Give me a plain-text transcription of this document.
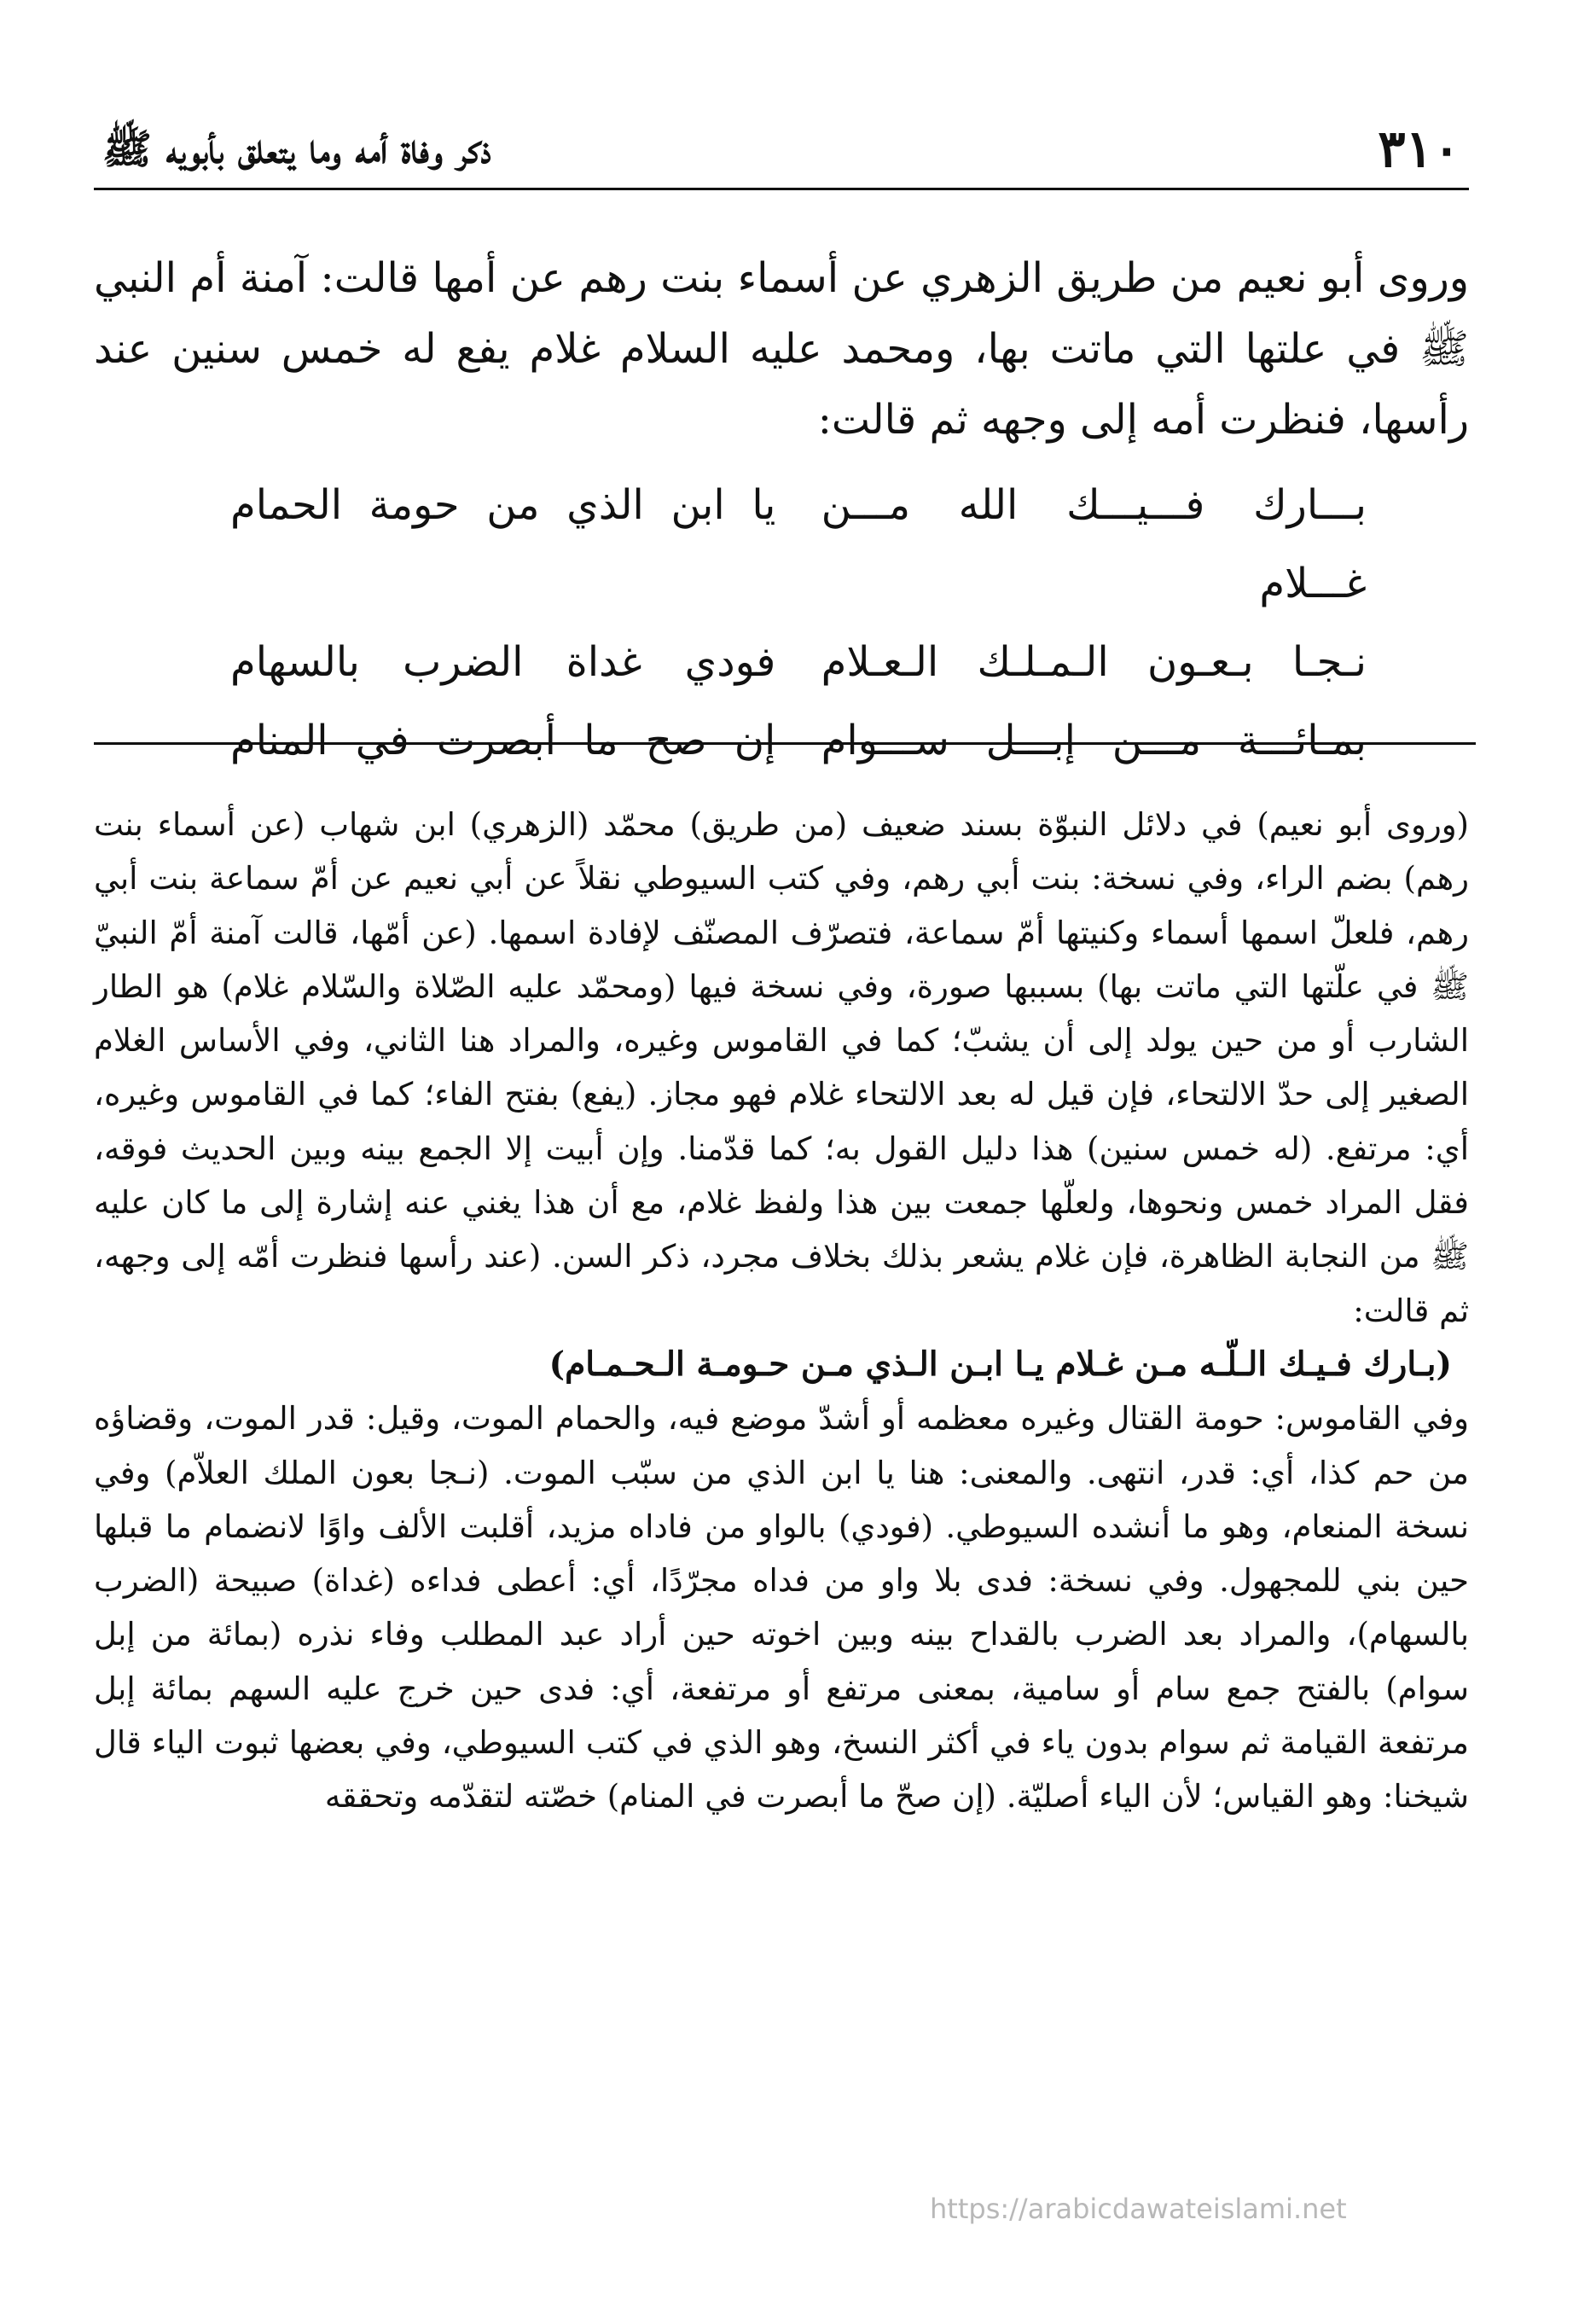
٣١٠
ذكر وفاة أمه وما يتعلق بأبويه ﷺ

وروى أبو نعيم من طريق الزهري عن أسماء بنت رهم عن أمها قالت: آمنة أم النبي ﷺ في علتها التي ماتت بها، ومحمد عليه السلام غلام يفع له خمس سنين عند رأسها، فنظرت أمه إلى وجهه ثم قالت:

بـــارك فـــيـــك الله مـــن غـــلام
يا ابن الذي من حومة الحمام
نـجـا بـعـون الـمـلـك الـعـلام
فودي غداة الضرب بالسهام
بمـائـــة مـــن إبـــل ســـوام
إن صح ما أبصرت في المنام

(وروى أبو نعيم) في دلائل النبوّة بسند ضعيف (من طريق) محمّد (الزهري) ابن شهاب (عن أسماء بنت رهم) بضم الراء، وفي نسخة: بنت أبي رهم، وفي كتب السيوطي نقلاً عن أبي نعيم عن أمّ سماعة بنت أبي رهم، فلعلّ اسمها أسماء وكنيتها أمّ سماعة، فتصرّف المصنّف لإفادة اسمها. (عن أمّها، قالت آمنة أمّ النبيّ ﷺ في علّتها التي ماتت بها) بسببها صورة، وفي نسخة فيها (ومحمّد عليه الصّلاة والسّلام غلام) هو الطار الشارب أو من حين يولد إلى أن يشبّ؛ كما في القاموس وغيره، والمراد هنا الثاني، وفي الأساس الغلام الصغير إلى حدّ الالتحاء، فإن قيل له بعد الالتحاء غلام فهو مجاز. (يفع) بفتح الفاء؛ كما في القاموس وغيره، أي: مرتفع. (له خمس سنين) هذا دليل القول به؛ كما قدّمنا. وإن أبيت إلا الجمع بينه وبين الحديث فوقه، فقل المراد خمس ونحوها، ولعلّها جمعت بين هذا ولفظ غلام، مع أن هذا يغني عنه إشارة إلى ما كان عليه ﷺ من النجابة الظاهرة، فإن غلام يشعر بذلك بخلاف مجرد، ذكر السن. (عند رأسها فنظرت أمّه إلى وجهه، ثم قالت:

(بـارك فـيـك الـلّـه مـن غـلام يـا ابـن الـذي مـن حـومـة الـحـمـام)

وفي القاموس: حومة القتال وغيره معظمه أو أشدّ موضع فيه، والحمام الموت، وقيل: قدر الموت، وقضاؤه من حم كذا، أي: قدر، انتهى. والمعنى: هنا يا ابن الذي من سبّب الموت. (نـجا بعون الملك العلاّم) وفي نسخة المنعام، وهو ما أنشده السيوطي. (فودي) بالواو من فاداه مزيد، أقلبت الألف واوًا لانضمام ما قبلها حين بني للمجهول. وفي نسخة: فدى بلا واو من فداه مجرّدًا، أي: أعطى فداءه (غداة) صبيحة (الضرب بالسهام)، والمراد بعد الضرب بالقداح بينه وبين اخوته حين أراد عبد المطلب وفاء نذره (بمائة من إبل سوام) بالفتح جمع سام أو سامية، بمعنى مرتفع أو مرتفعة، أي: فدى حين خرج عليه السهم بمائة إبل مرتفعة القيامة ثم سوام بدون ياء في أكثر النسخ، وهو الذي في كتب السيوطي، وفي بعضها ثبوت الياء قال شيخنا: وهو القياس؛ لأن الياء أصليّة. (إن صحّ ما أبصرت في المنام) خصّته لتقدّمه وتحققه

https://arabicdawateislami.net
